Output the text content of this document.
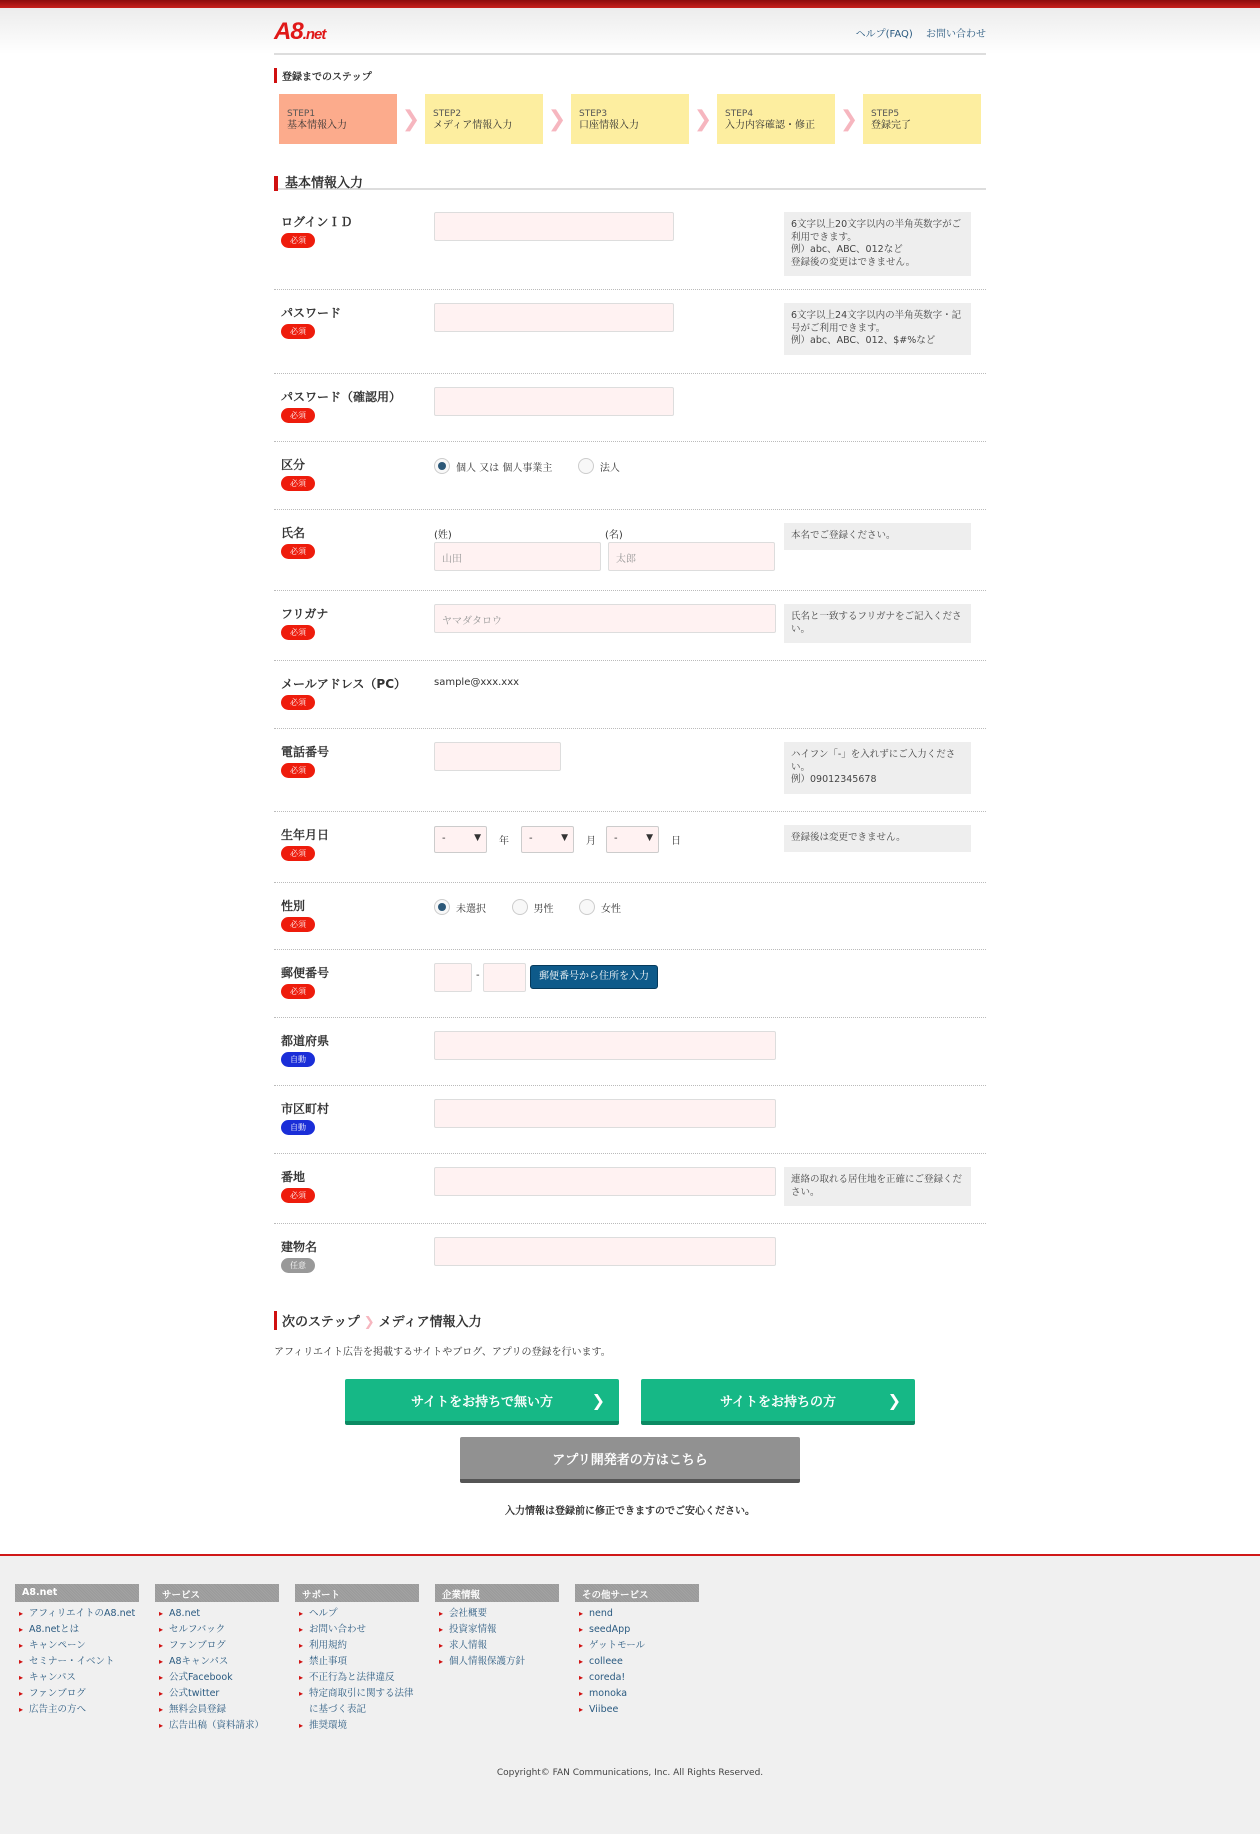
A8.net	ヘルプ(FAQ) お問い合わせ
登録までのステップ
STEP1
基本情報入力	❯	STEP2
メディア情報入力	❯	STEP3
口座情報入力	❯	STEP4
入力内容確認・修正	❯	STEP5
登録完了
基本情報入力
ログインＩＤ
必須
6文字以上20文字以内の半角英数字がご利用できます。
例）abc、ABC、012など
登録後の変更はできません。
パスワード
必須
6文字以上24文字以内の半角英数字・記号がご利用できます。
例）abc、ABC、012、$#%など
パスワード（確認用）
必須
区分
必須
個人 又は 個人事業主
	法人
氏名
必須
(姓)	(名)
山田	太郎
本名でご登録ください。
フリガナ
必須
ヤマダタロウ	氏名と一致するフリガナをご記入ください。
メールアドレス（PC）
必須
sample@xxx.xxx
電話番号
必須
ハイフン「-」を入れずにご入力ください。
例）09012345678
生年月日
必須
-	▼ 年	-	▼ 月	-	▼ 日	登録後は変更できません。
性別
必須
未選択
	男性
	女性
郵便番号
必須
-	郵便番号から住所を入力
都道府県
自動
市区町村
自動
番地
必須
連絡の取れる居住地を正確にご登録ください。
建物名
任意
次のステップ ❯ メディア情報入力
アフィリエイト広告を掲載するサイトやブログ、アプリの登録を行います。
サイトをお持ちで無い方 ❯	サイトをお持ちの方	❯
アプリ開発者の方はこちら
入力情報は登録前に修正できますのでご安心ください。
A8.net
▸ アフィリエイトのA8.net
▸ A8.netとは
▸ キャンペーン
▸ セミナー・イベント
▸ キャンパス
▸ ファンブログ
▸ 広告主の方へ
サービス
▸ A8.net
▸ セルフバック
▸ ファンブログ
▸ A8キャンパス
▸ 公式Facebook
▸ 公式twitter
▸ 無料会員登録
▸ 広告出稿（資料請求）
サポート
▸ ヘルプ
▸ お問い合わせ
▸ 利用規約
▸ 禁止事項
▸ 不正行為と法律違反
▸ 特定商取引に関する法律に基づく表記
▸ 推奨環境
企業情報
▸ 会社概要
▸ 投資家情報
▸ 求人情報
▸ 個人情報保護方針
その他サービス
▸ nend
▸ seedApp
▸ ゲットモール
▸ colleee
▸ coreda!
▸ monoka
▸ Viibee
Copyright© FAN Communications, Inc. All Rights Reserved.
